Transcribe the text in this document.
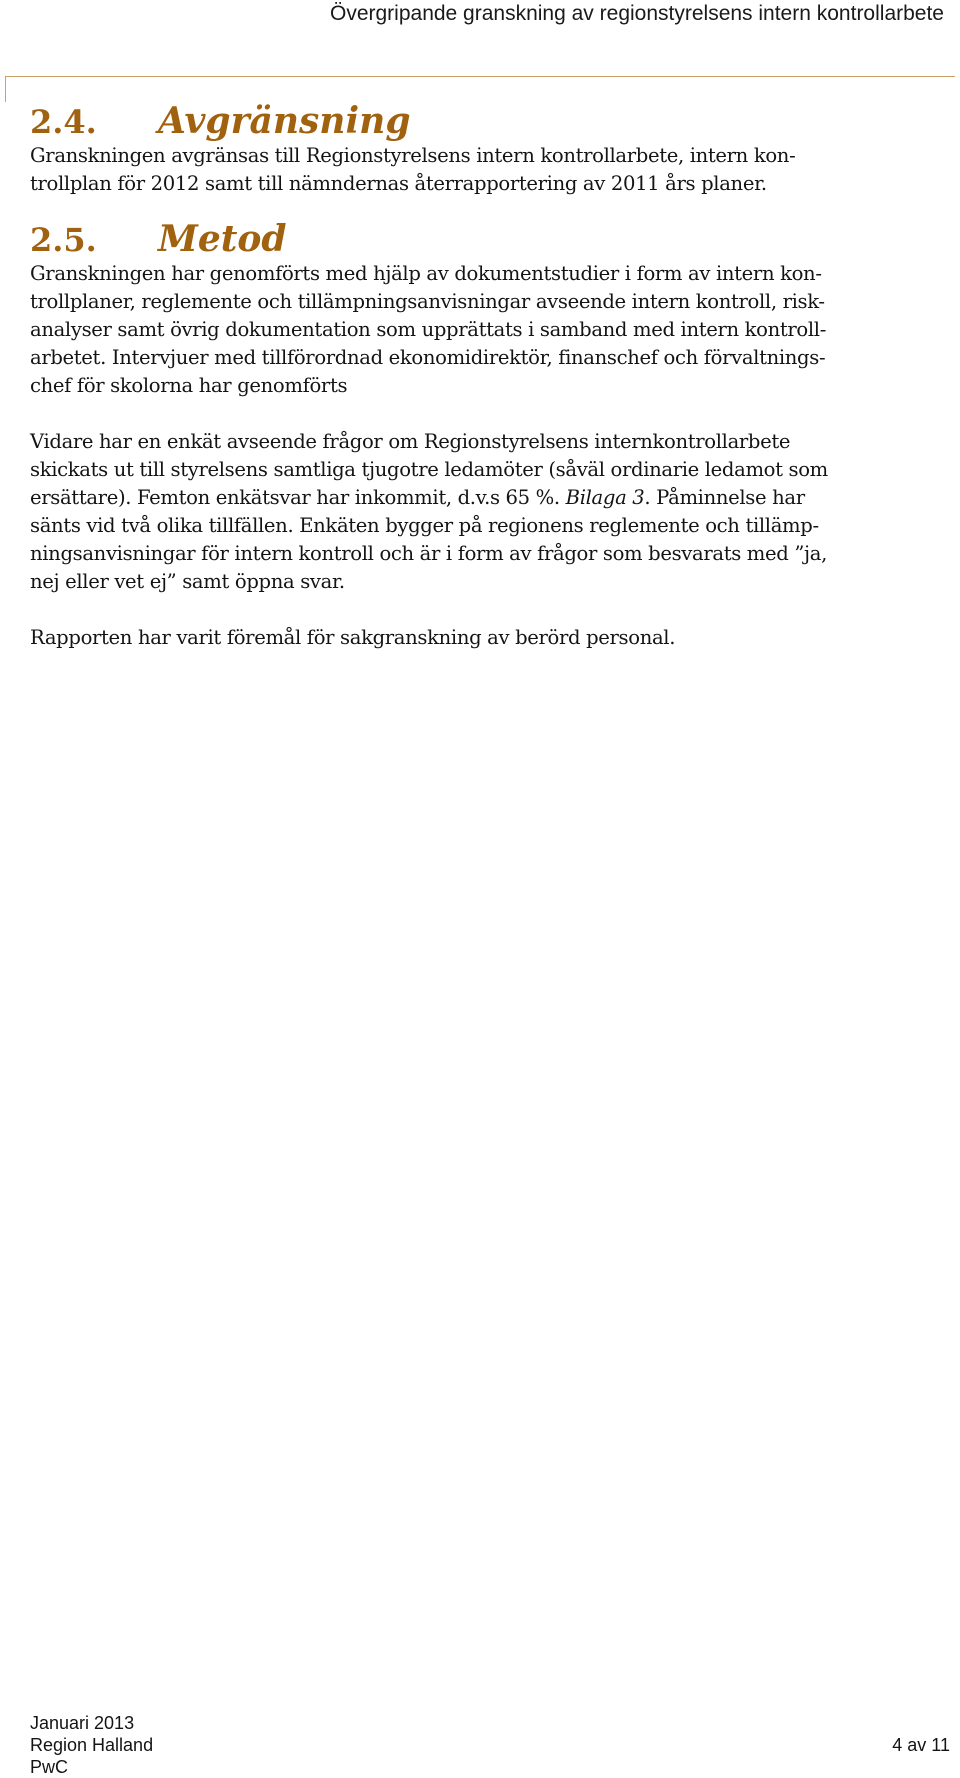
Övergripande granskning av regionstyrelsens intern kontrollarbete
2.4.	Avgränsning
Granskningen avgränsas till Regionstyrelsens intern kontrollarbete, intern kon-
trollplan för 2012 samt till nämndernas återrapportering av 2011 års planer.
2.5.	Metod
Granskningen har genomförts med hjälp av dokumentstudier i form av intern kon-
trollplaner, reglemente och tillämpningsanvisningar avseende intern kontroll, risk-
analyser samt övrig dokumentation som upprättats i samband med intern kontroll-
arbetet. Intervjuer med tillförordnad ekonomidirektör, finanschef och förvaltnings-
chef för skolorna har genomförts
Vidare har en enkät avseende frågor om Regionstyrelsens internkontrollarbete
skickats ut till styrelsens samtliga tjugotre ledamöter (såväl ordinarie ledamot som
ersättare). Femton enkätsvar har inkommit, d.v.s 65 %. Bilaga 3. Påminnelse har
sänts vid två olika tillfällen. Enkäten bygger på regionens reglemente och tillämp-
ningsanvisningar för intern kontroll och är i form av frågor som besvarats med ”ja,
nej eller vet ej” samt öppna svar.
Rapporten har varit föremål för sakgranskning av berörd personal.
Januari 2013
Region Halland
PwC
4 av 11
